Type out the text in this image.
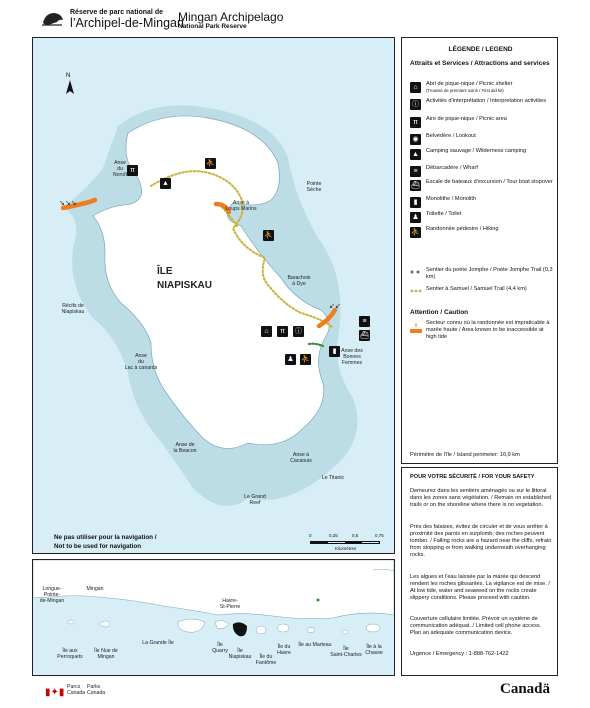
Réserve de parc national de
l’Archipel-de-Mingan
Mingan Archipelago
National Park Reserve
N
↘↘↘
↙↙
π
▲
⛹
⛹
⌂	π	ⓘ
♟	⛹
▮
≡
⛴
Anse
du
Noroît
Pointe
Sèche
Anse à
Loups Marins
Barachois
à Dye
Récifs de
Niapiskau
Anse
du
Lac à canards
Anse des
Bonnes
Femmes
Anse de
la Beacon
Anse à
Cacaouis
Le Titanic
Le Grand
Reef
ÎLE
NIAPISKAU
Ne pas utiliser pour la navigation /
Not to be used for navigation
0	0,25	0,5	0,75
Kilomètres
LÉGENDE / LEGEND
Attraits et Services / Attractions and services
⌂	Abri de pique-nique / Picnic shelter
(Trousse de premiers soins / First aid kit)
ⓘ	Activités d’interprétation / Interpretation activities
π	Aire de pique-nique / Picnic area
◉	Belvédère / Lookout
▲	Camping sauvage / Wilderness camping
≡	Débarcadère / Wharf
⛴ Escale de bateaux d’excursion / Tour boat stopover
▮	Monolithe / Monolith
♟	Toilette / Toilet
⛹ Randonnée pédestre / Hiking
Sentier du poète Jomphe / Poète Jomphe Trail (0,3 km)
Sentier à Samuel / Samuel Trail (4,4 km)
Attention / Caution
Secteur connu où la randonnée est impraticable à marée haute / Area known to be inaccessible at high tide
Périmètre de l’île / Island perimeter: 16,9 km
POUR VOTRE SÉCURITÉ / FOR YOUR SAFETY
Demeurez dans les sentiers aménagés ou sur le littoral dans les zones sans végétation. / Remain on established trails or on the shoreline where there is no vegetation.
Près des falaises, évitez de circuler et de vous arrêter à proximité des parois en surplomb; des roches peuvent tomber. / Falling rocks are a hazard near the cliffs, refrain from stopping or from walking underneath overhanging rocks.
Les algues et l’eau laissée par la marée qui descend rendent les roches glissantes. La vigilance est de mise. / At low tide, water and seaweed on the rocks create slippery conditions. Please proceed with caution.
Couverture cellulaire limitée. Prévoir un système de communication adéquat. / Limited cell phone access. Plan an adequate communication device.
Urgence / Emergency : 1-888-762-1422
Longue-
Pointe-
de-Mingan
Mingan
Havre-
St-Pierre
Île aux
Perroquets
Île Nue de
Mingan
La Grande Île	Île
Quarry	Île
Niapiskau	Île du
Fantôme
Île du
Havre
Île au Marteau
Île
Saint-Charles
Île à la
Chasse
▮✦▮ Parcs
Canada
Parks
Canada	Canadä
